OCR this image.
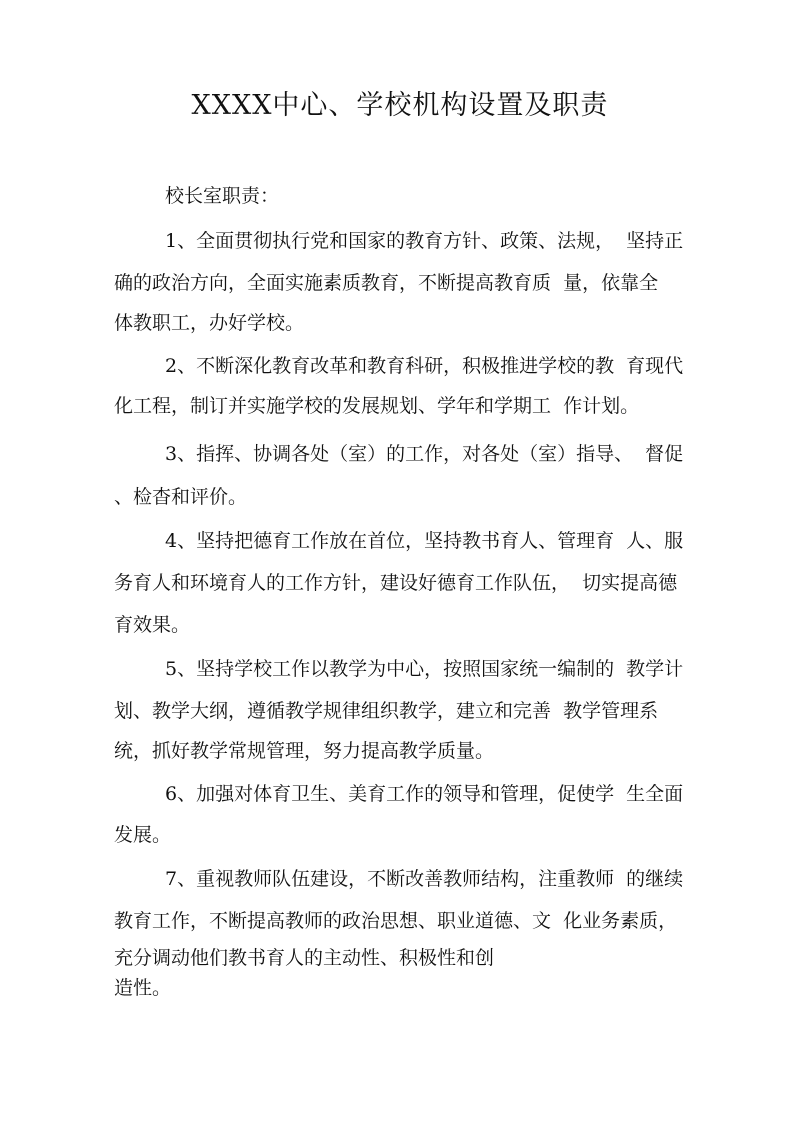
XXXX中心、学校机构设置及职责
校长室职责：
1、全面贯彻执行党和国家的教育方针、政策、法规，  坚持正
确的政治方向，全面实施素质教育，不断提高教育质  量，依靠全
体教职工，办好学校。
2、不断深化教育改革和教育科研，积极推进学校的教  育现代
化工程，制订并实施学校的发展规划、学年和学期工  作计划。
3、指挥、协调各处（室）的工作，对各处（室）指导、  督促
、检杳和评价。
4、坚持把德育工作放在首位，坚持教书育人、管理育  人、服
务育人和环境育人的工作方针，建设好德育工作队伍，  切实提高德
育效果。
5、坚持学校工作以教学为中心，按照国家统一编制的  教学计
划、教学大纲，遵循教学规律组织教学，建立和完善  教学管理系
统，抓好教学常规管理，努力提高教学质量。
6、加强对体育卫生、美育工作的领导和管理，促使学  生全面
发展。
7、重视教师队伍建设，不断改善教师结构，注重教师  的继续
教育工作，不断提高教师的政治思想、职业道德、文  化业务素质，
充分调动他们教书育人的主动性、积极性和创
造性。
